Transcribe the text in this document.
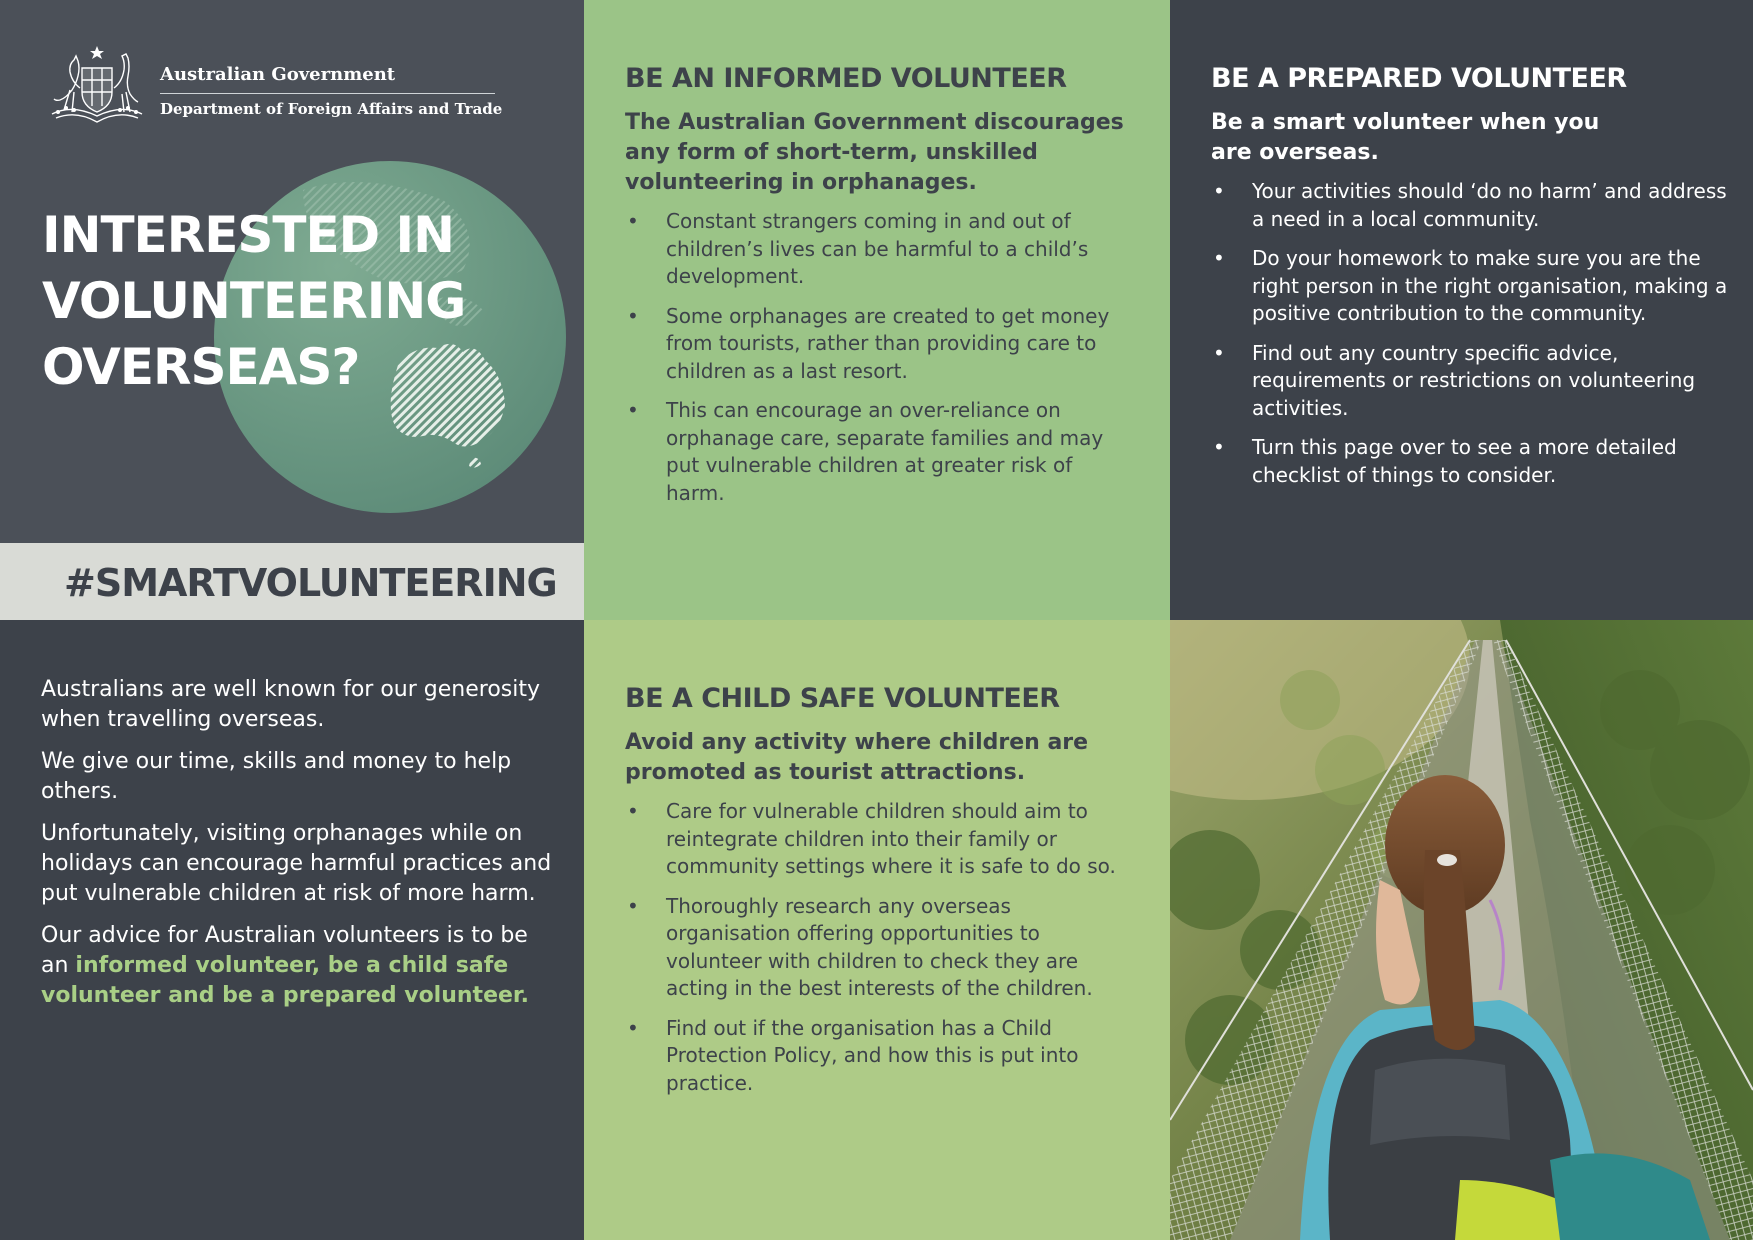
Australian Government
Department of Foreign Affairs and Trade
INTERESTED IN
VOLUNTEERING
OVERSEAS?
#SMARTVOLUNTEERING

Australians are well known for our generosity when travelling overseas.

We give our time, skills and money to help others.

Unfortunately, visiting orphanages while on holidays can encourage harmful practices and put vulnerable children at risk of more harm.

Our advice for Australian volunteers is to be an informed volunteer, be a child safe volunteer and be a prepared volunteer.

BE AN INFORMED VOLUNTEER

The Australian Government discourages any form of short-term, unskilled volunteering in orphanages.

• Constant strangers coming in and out of children’s lives can be harmful to a child’s development.
• Some orphanages are created to get money from tourists, rather than providing care to children as a last resort.
• This can encourage an over-reliance on orphanage care, separate families and may put vulnerable children at greater risk of harm.
BE A CHILD SAFE VOLUNTEER

Avoid any activity where children are promoted as tourist attractions.

• Care for vulnerable children should aim to reintegrate children into their family or community settings where it is safe to do so.
• Thoroughly research any overseas organisation offering opportunities to volunteer with children to check they are acting in the best interests of the children.
• Find out if the organisation has a Child Protection Policy, and how this is put into practice.
BE A PREPARED VOLUNTEER

Be a smart volunteer when you are overseas.

• Your activities should ‘do no harm’ and address a need in a local community.
• Do your homework to make sure you are the right person in the right organisation, making a positive contribution to the community.
• Find out any country specific advice, requirements or restrictions on volunteering activities.
• Turn this page over to see a more detailed checklist of things to consider.
